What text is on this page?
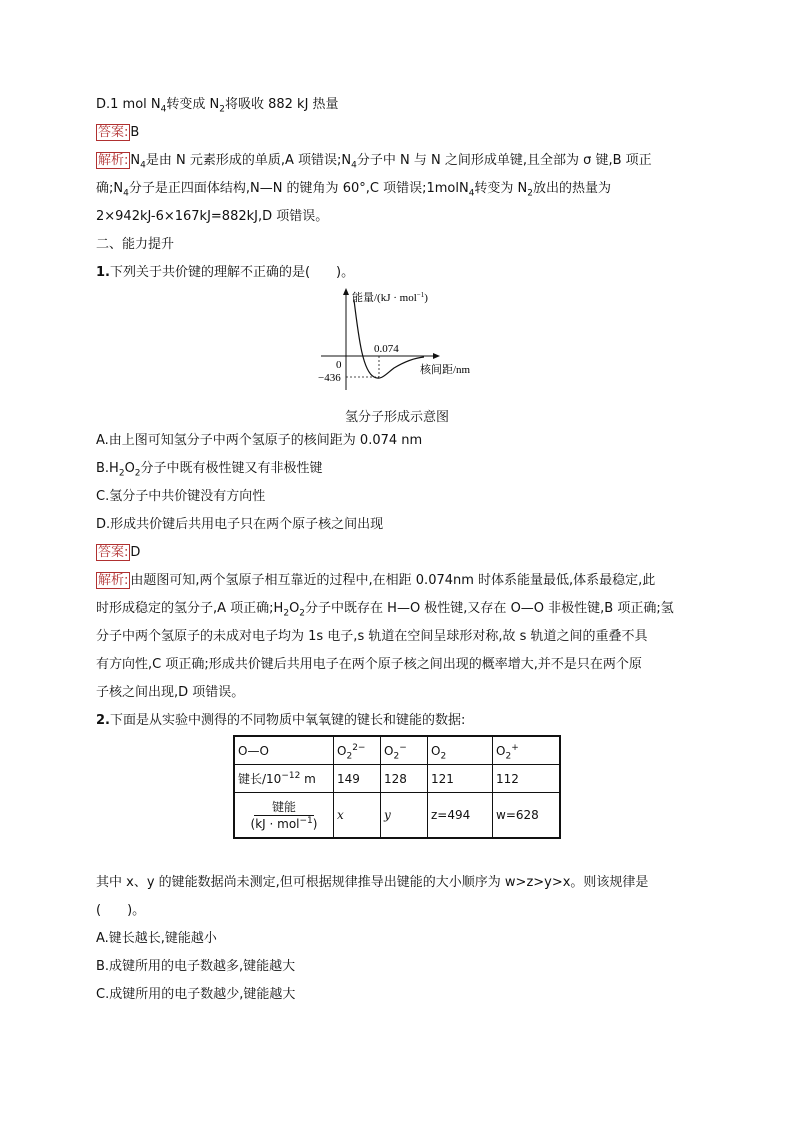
D.1 mol $N_4$转变成 $N_2$将吸收 882 kJ 热量
答案: B
解析: $N_4$是由 N 元素形成的单质,A 项错误$;N_4$分子中 N 与 N 之间形成单键,且全部为 σ 键,B 项正
确$;N_4$分子是正四面体结构,N—N 的键角为 60°,C 项错误;1molN$_4$转变为 $N_2$放出的热量为
2×942kJ-6×167kJ=882kJ,D 项错误。
二、能力提升
1.下列关于共价键的理解不正确的是(　　)。
能量/(kJ · mol$^{-1}$)
核间距/nm
0
0.074
−436
氢分子形成示意图
A.由上图可知氢分子中两个氢原子的核间距为 0.074 nm
$B.H_2O_2$分子中既有极性键又有非极性键
C.氢分子中共价键没有方向性
D.形成共价键后共用电子只在两个原子核之间出现
答案: D
解析: 由题图可知,两个氢原子相互靠近的过程中,在相距 0.074nm 时体系能量最低,体系最稳定,此
时形成稳定的氢分子,A 项正确$;H_2O_2$分子中既存在 H—O 极性键,又存在 O—O 非极性键,B 项正确;氢
分子中两个氢原子的未成对电子均为 1s 电子,s 轨道在空间呈球形对称,故 s 轨道之间的重叠不具
有方向性,C 项正确;形成共价键后共用电子在两个原子核之间出现的概率增大,并不是只在两个原
子核之间出现,D 项错误。
2.下面是从实验中测得的不同物质中氧氧键的键长和键能的数据:
O—O	$O_2^{2-}$	$O_2^-$	$O_2$	$O_2^+$
键长$/10^{-12}$ m	149	128	121	112
键能
(kJ · mol$^{-1}$)	x	y	z=494	w=628
其中 x、y 的键能数据尚未测定,但可根据规律推导出键能的大小顺序为 w>z>y>x。则该规律是
(　　)。
A.键长越长,键能越小
B.成键所用的电子数越多,键能越大
C.成键所用的电子数越少,键能越大
